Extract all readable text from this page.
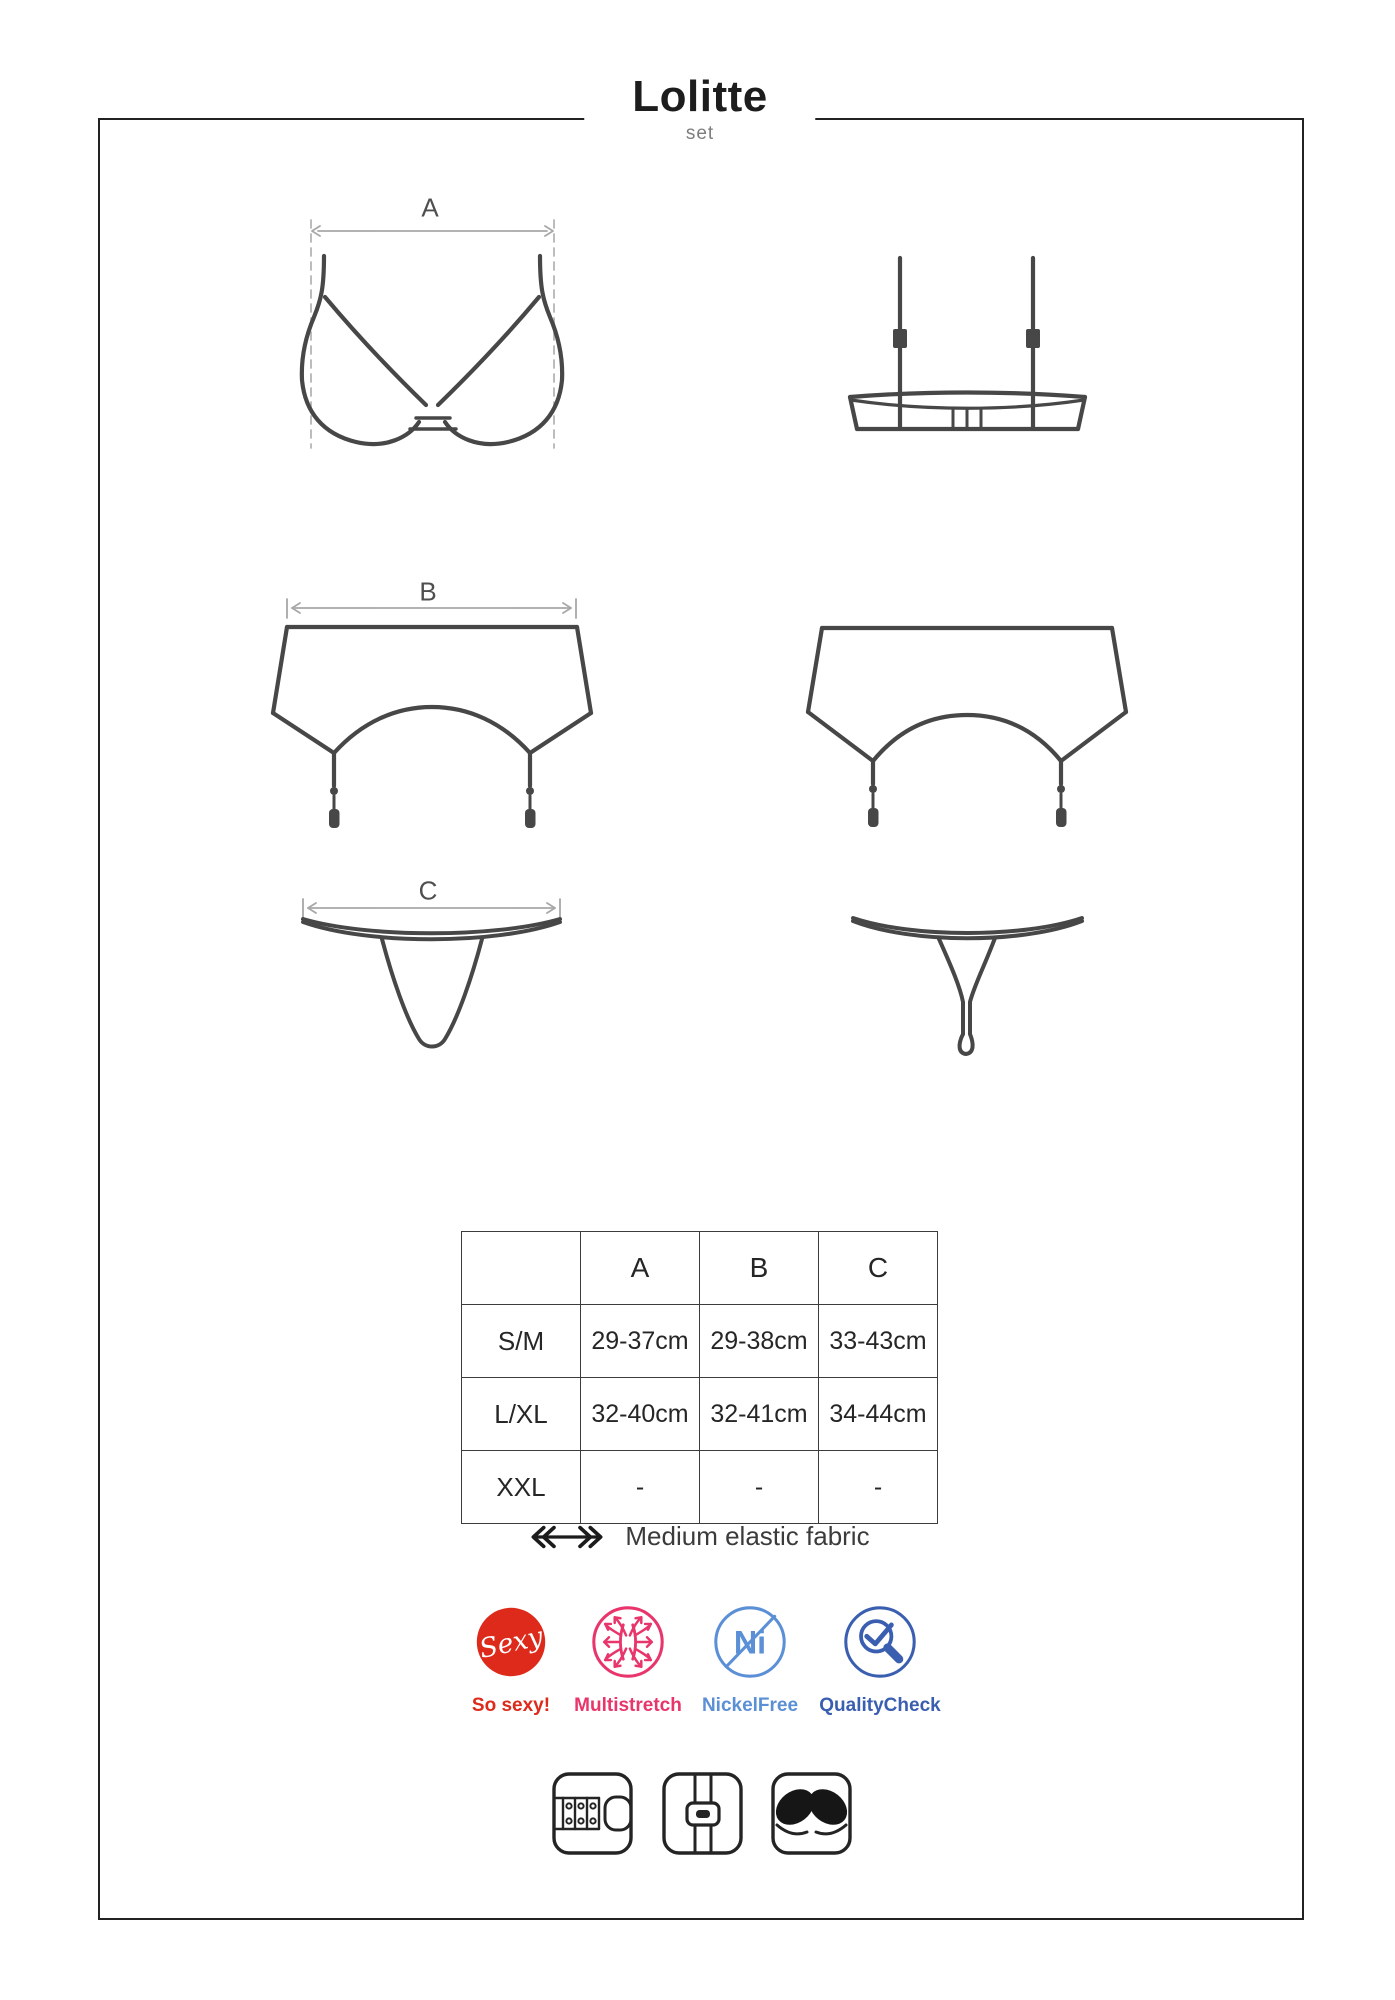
Lolitte
set
A
B
C
	A	B	C
S/M	29-37cm	29-38cm	33-43cm
L/XL	32-40cm	32-41cm	34-44cm
XXL	-	-	-
Medium elastic fabric
Sexy
So sexy!	Multistretch
Ni
NickelFree	QualityCheck
